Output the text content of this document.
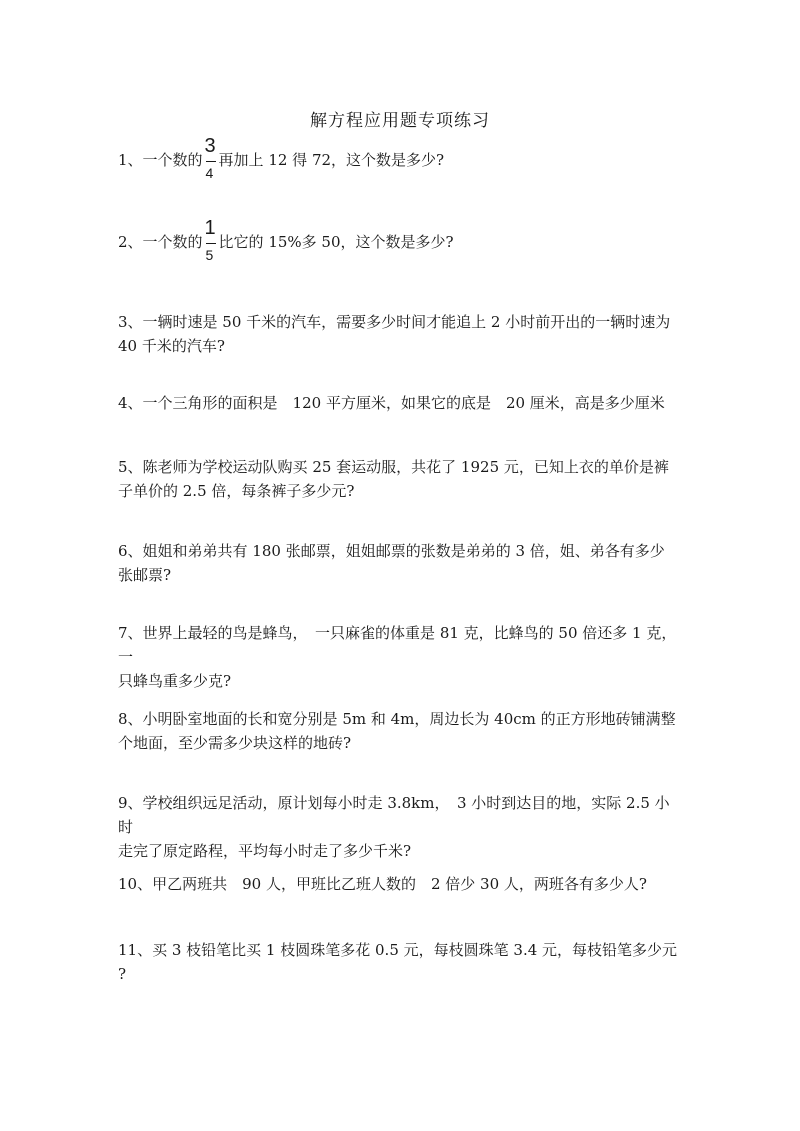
解方程应用题专项练习
1、一个数的 $\frac{3}{4}$ 再加上 12 得 72，这个数是多少?
2、一个数的 $\frac{1}{5}$ 比它的 15%多 50，这个数是多少?
3、一辆时速是 50 千米的汽车，需要多少时间才能追上 2 小时前开出的一辆时速为
40 千米的汽车?
4、一个三角形的面积是　120 平方厘米，如果它的底是　20 厘米，高是多少厘米
5、陈老师为学校运动队购买 25 套运动服，共花了 1925 元，已知上衣的单价是裤
子单价的 2.5 倍，每条裤子多少元?
6、姐姐和弟弟共有 180 张邮票，姐姐邮票的张数是弟弟的 3 倍，姐、弟各有多少
张邮票?
7、世界上最轻的鸟是蜂鸟，　一只麻雀的体重是 81 克，比蜂鸟的 50 倍还多 1 克，一
只蜂鸟重多少克?
8、小明卧室地面的长和宽分别是 5m 和 4m，周边长为 40cm 的正方形地砖铺满整
个地面，至少需多少块这样的地砖?
9、学校组织远足活动，原计划每小时走 3.8km，　3 小时到达目的地，实际 2.5 小时
走完了原定路程，平均每小时走了多少千米?
10、甲乙两班共　90 人，甲班比乙班人数的　2 倍少 30 人，两班各有多少人?
11、买 3 枝铅笔比买 1 枝圆珠笔多花 0.5 元，每枝圆珠笔 3.4 元，每枝铅笔多少元
?
